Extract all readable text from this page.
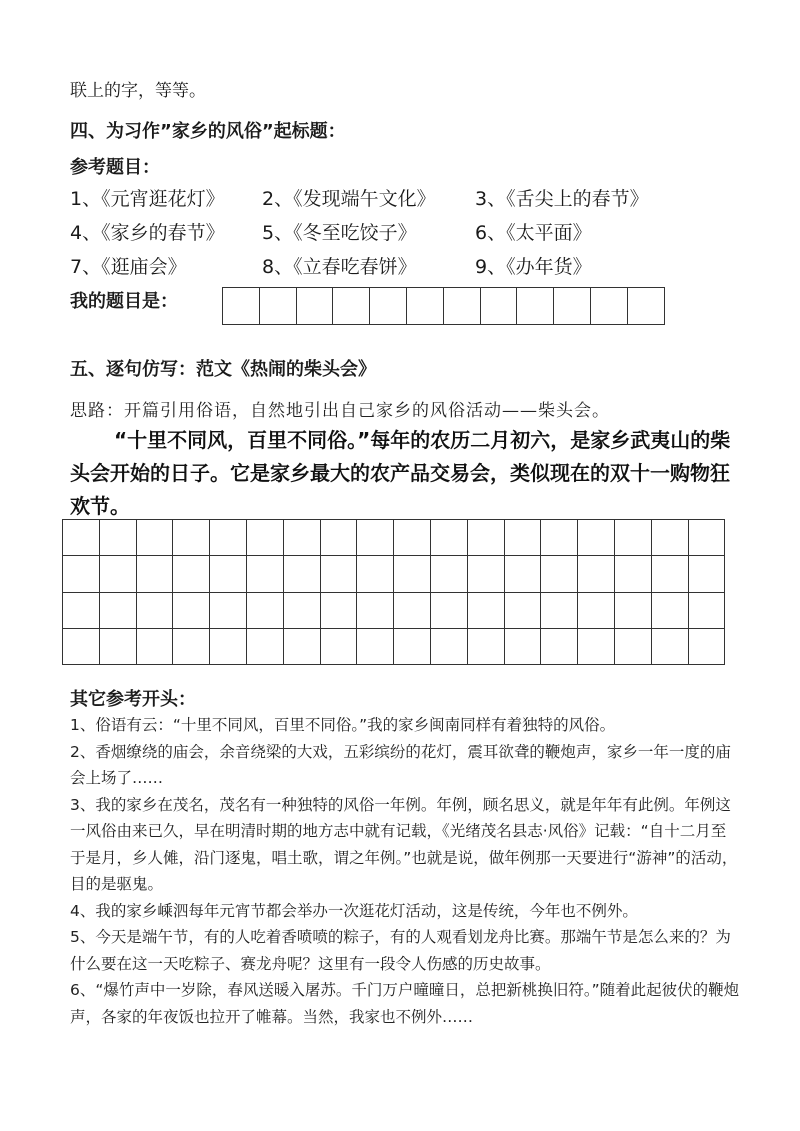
联上的字，等等。
四、为习作”家乡的风俗”起标题：
参考题目：
1、《元宵逛花灯》 2、《发现端午文化》 3、《舌尖上的春节》
4、《家乡的春节》 5、《冬至吃饺子》	6、《太平面》
7、《逛庙会》	8、《立春吃春饼》	9、《办年货》
我的题目是：
五、逐句仿写：范文《热闹的柴头会》
思路：开篇引用俗语，自然地引出自己家乡的风俗活动——柴头会。
“十里不同风，百里不同俗。”每年的农历二月初六，是家乡武夷山的柴头会开始的日子。它是家乡最大的农产品交易会，类似现在的双十一购物狂欢节。
其它参考开头：

1、俗语有云：“十里不同风，百里不同俗。”我的家乡闽南同样有着独特的风俗。

2、香烟缭绕的庙会，余音绕梁的大戏，五彩缤纷的花灯，震耳欲聋的鞭炮声，家乡一年一度的庙会上场了……

3、我的家乡在茂名，茂名有一种独特的风俗一年例。年例，顾名思义，就是年年有此例。年例这一风俗由来已久，早在明清时期的地方志中就有记载，《光绪茂名县志·风俗》记载：“自十二月至于是月，乡人傩，沿门逐鬼，唱土歌，谓之年例。”也就是说，做年例那一天要进行“游神”的活动，目的是驱鬼。

4、我的家乡嵊泗每年元宵节都会举办一次逛花灯活动，这是传统，今年也不例外。

5、今天是端午节，有的人吃着香喷喷的粽子，有的人观看划龙舟比赛。那端午节是怎么来的？为什么要在这一天吃粽子、赛龙舟呢？这里有一段令人伤感的历史故事。

6、“爆竹声中一岁除，春风送暖入屠苏。千门万户曈曈日，总把新桃换旧符。”随着此起彼伏的鞭炮声，各家的年夜饭也拉开了帷幕。当然，我家也不例外……
